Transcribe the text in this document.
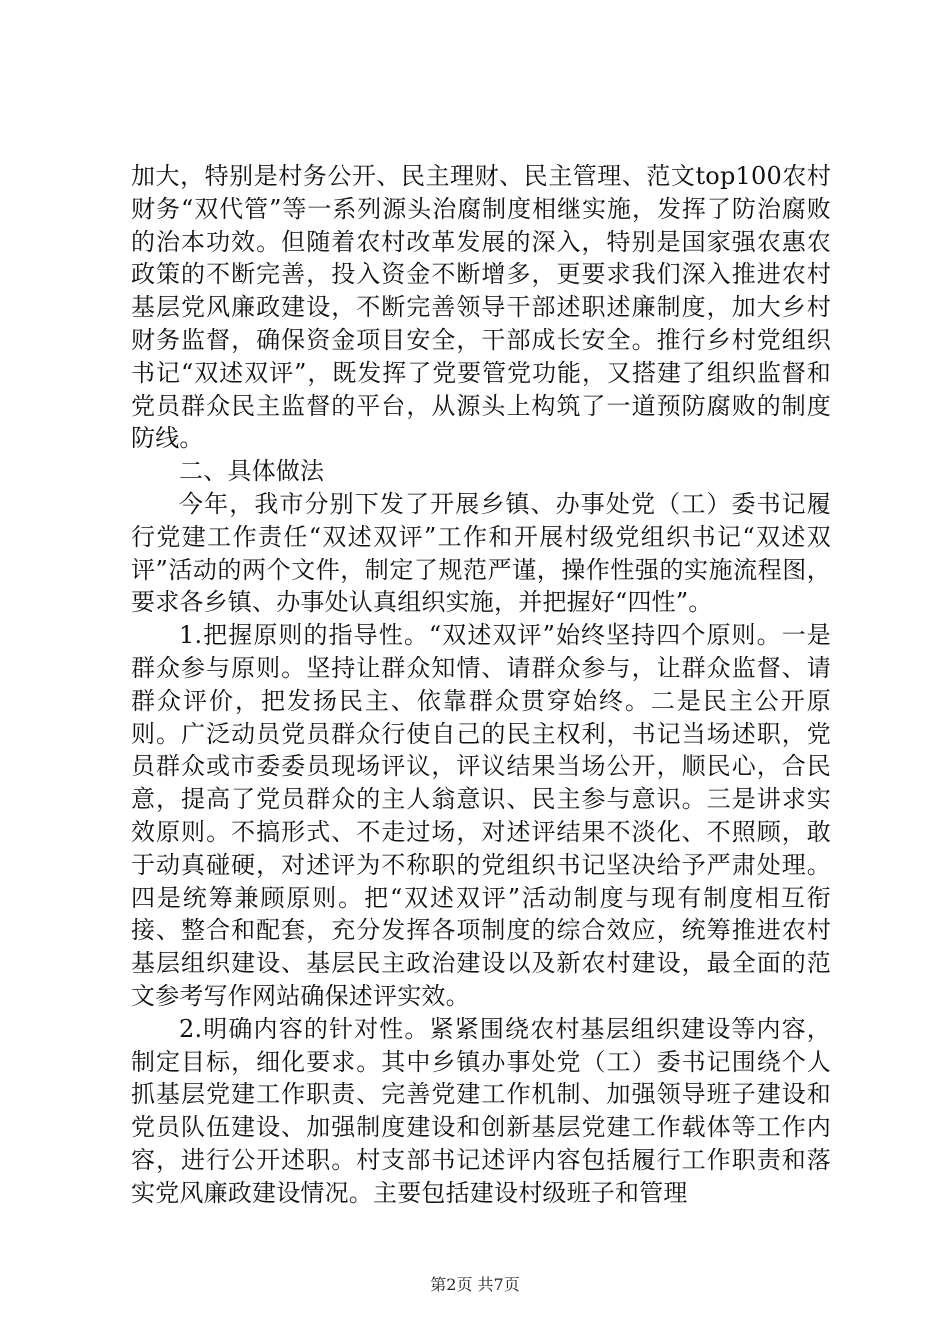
加大，特别是村务公开、民主理财、民主管理、范文top100农村财务“双代管”等一系列源头治腐制度相继实施，发挥了防治腐败的治本功效。但随着农村改革发展的深入，特别是国家强农惠农政策的不断完善，投入资金不断增多，更要求我们深入推进农村基层党风廉政建设，不断完善领导干部述职述廉制度，加大乡村财务监督，确保资金项目安全，干部成长安全。推行乡村党组织书记“双述双评”，既发挥了党要管党功能，又搭建了组织监督和党员群众民主监督的平台，从源头上构筑了一道预防腐败的制度防线。

二、具体做法

今年，我市分别下发了开展乡镇、办事处党（工）委书记履行党建工作责任“双述双评”工作和开展村级党组织书记“双述双评”活动的两个文件，制定了规范严谨，操作性强的实施流程图，要求各乡镇、办事处认真组织实施，并把握好“四性”。

1.把握原则的指导性。“双述双评”始终坚持四个原则。一是群众参与原则。坚持让群众知情、请群众参与，让群众监督、请群众评价，把发扬民主、依靠群众贯穿始终。二是民主公开原则。广泛动员党员群众行使自己的民主权利，书记当场述职，党员群众或市委委员现场评议，评议结果当场公开，顺民心，合民意，提高了党员群众的主人翁意识、民主参与意识。三是讲求实效原则。不搞形式、不走过场，对述评结果不淡化、不照顾，敢于动真碰硬，对述评为不称职的党组织书记坚决给予严肃处理。四是统筹兼顾原则。把“双述双评”活动制度与现有制度相互衔接、整合和配套，充分发挥各项制度的综合效应，统筹推进农村基层组织建设、基层民主政治建设以及新农村建设，最全面的范文参考写作网站确保述评实效。

2.明确内容的针对性。紧紧围绕农村基层组织建设等内容，制定目标，细化要求。其中乡镇办事处党（工）委书记围绕个人抓基层党建工作职责、完善党建工作机制、加强领导班子建设和党员队伍建设、加强制度建设和创新基层党建工作载体等工作内容，进行公开述职。村支部书记述评内容包括履行工作职责和落实党风廉政建设情况。主要包括建设村级班子和管理

第2页 共7页
